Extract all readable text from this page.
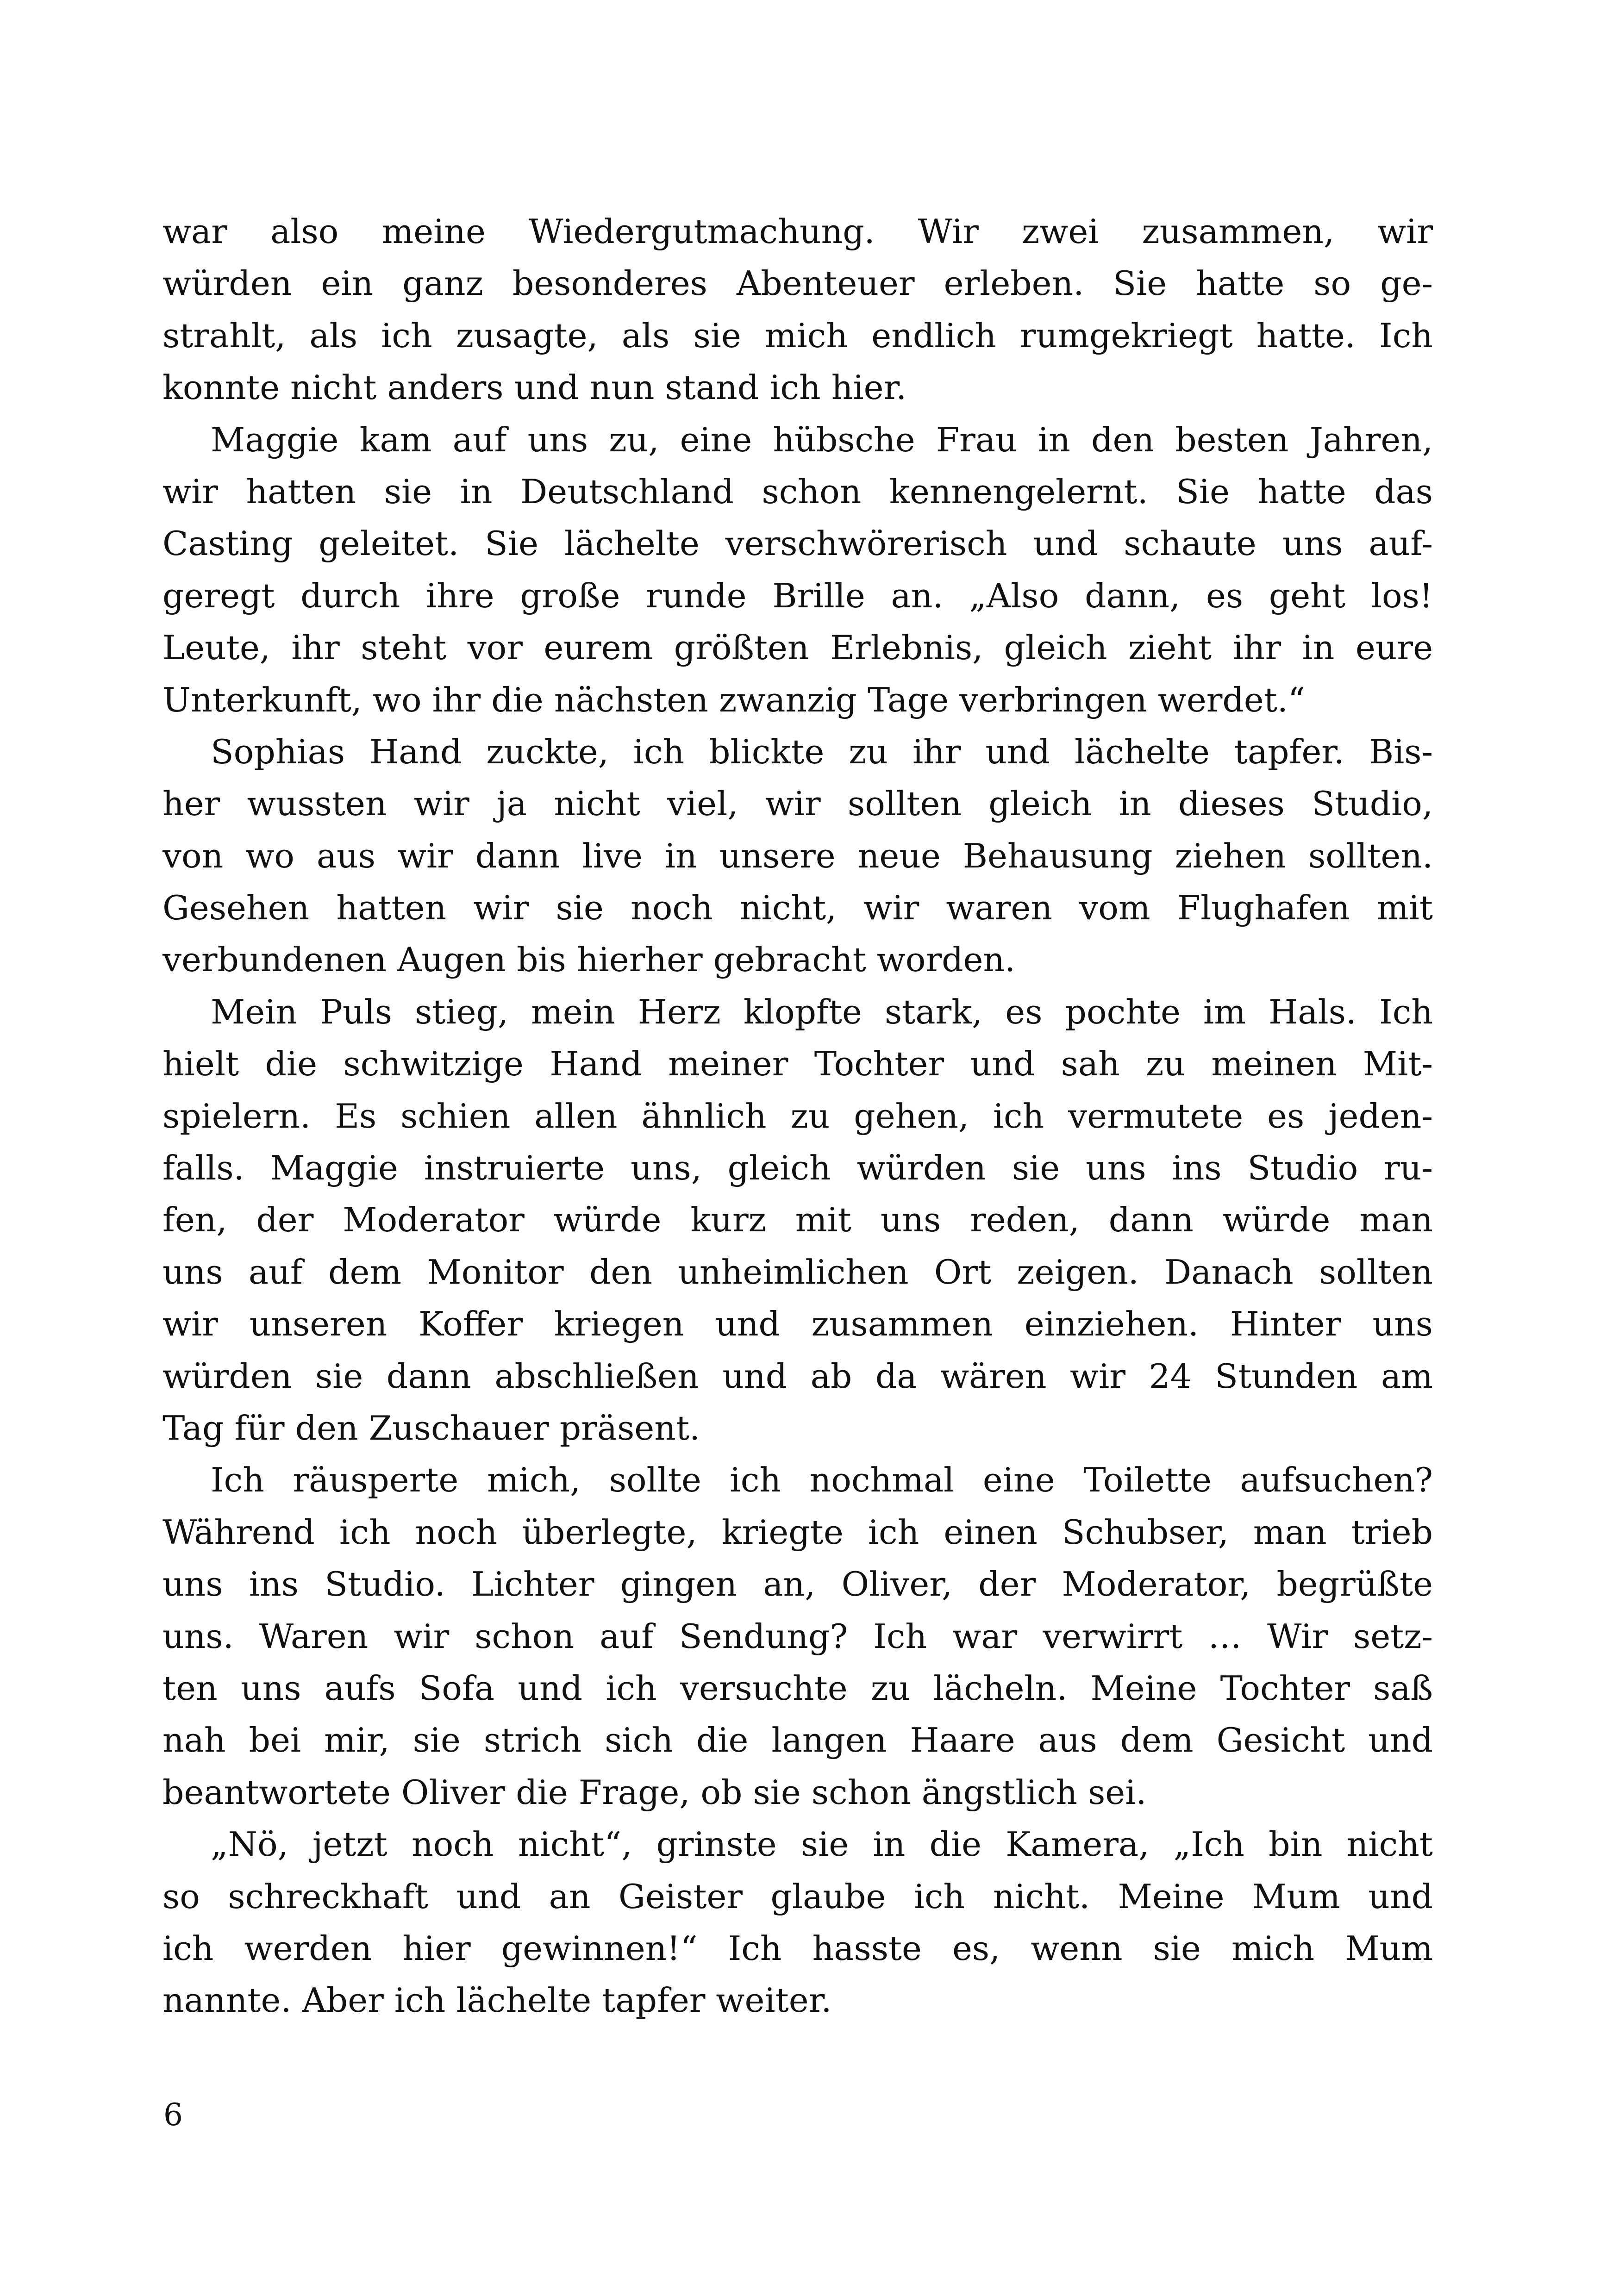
war also meine Wiedergutmachung. Wir zwei zusammen, wir
würden ein ganz besonderes Abenteuer erleben. Sie hatte so ge-
strahlt, als ich zusagte, als sie mich endlich rumgekriegt hatte. Ich
konnte nicht anders und nun stand ich hier.
Maggie kam auf uns zu, eine hübsche Frau in den besten Jahren,
wir hatten sie in Deutschland schon kennengelernt. Sie hatte das
Casting geleitet. Sie lächelte verschwörerisch und schaute uns auf-
geregt durch ihre große runde Brille an. „Also dann, es geht los!
Leute, ihr steht vor eurem größten Erlebnis, gleich zieht ihr in eure
Unterkunft, wo ihr die nächsten zwanzig Tage verbringen werdet.“
Sophias Hand zuckte, ich blickte zu ihr und lächelte tapfer. Bis-
her wussten wir ja nicht viel, wir sollten gleich in dieses Studio,
von wo aus wir dann live in unsere neue Behausung ziehen sollten.
Gesehen hatten wir sie noch nicht, wir waren vom Flughafen mit
verbundenen Augen bis hierher gebracht worden.
Mein Puls stieg, mein Herz klopfte stark, es pochte im Hals. Ich
hielt die schwitzige Hand meiner Tochter und sah zu meinen Mit-
spielern. Es schien allen ähnlich zu gehen, ich vermutete es jeden-
falls. Maggie instruierte uns, gleich würden sie uns ins Studio ru-
fen, der Moderator würde kurz mit uns reden, dann würde man
uns auf dem Monitor den unheimlichen Ort zeigen. Danach sollten
wir unseren Koffer kriegen und zusammen einziehen. Hinter uns
würden sie dann abschließen und ab da wären wir 24 Stunden am
Tag für den Zuschauer präsent.
Ich räusperte mich, sollte ich nochmal eine Toilette aufsuchen?
Während ich noch überlegte, kriegte ich einen Schubser, man trieb
uns ins Studio. Lichter gingen an, Oliver, der Moderator, begrüßte
uns. Waren wir schon auf Sendung? Ich war verwirrt … Wir setz-
ten uns aufs Sofa und ich versuchte zu lächeln. Meine Tochter saß
nah bei mir, sie strich sich die langen Haare aus dem Gesicht und
beantwortete Oliver die Frage, ob sie schon ängstlich sei.
„Nö, jetzt noch nicht“, grinste sie in die Kamera, „Ich bin nicht
so schreckhaft und an Geister glaube ich nicht. Meine Mum und
ich werden hier gewinnen!“ Ich hasste es, wenn sie mich Mum
nannte. Aber ich lächelte tapfer weiter.
6
